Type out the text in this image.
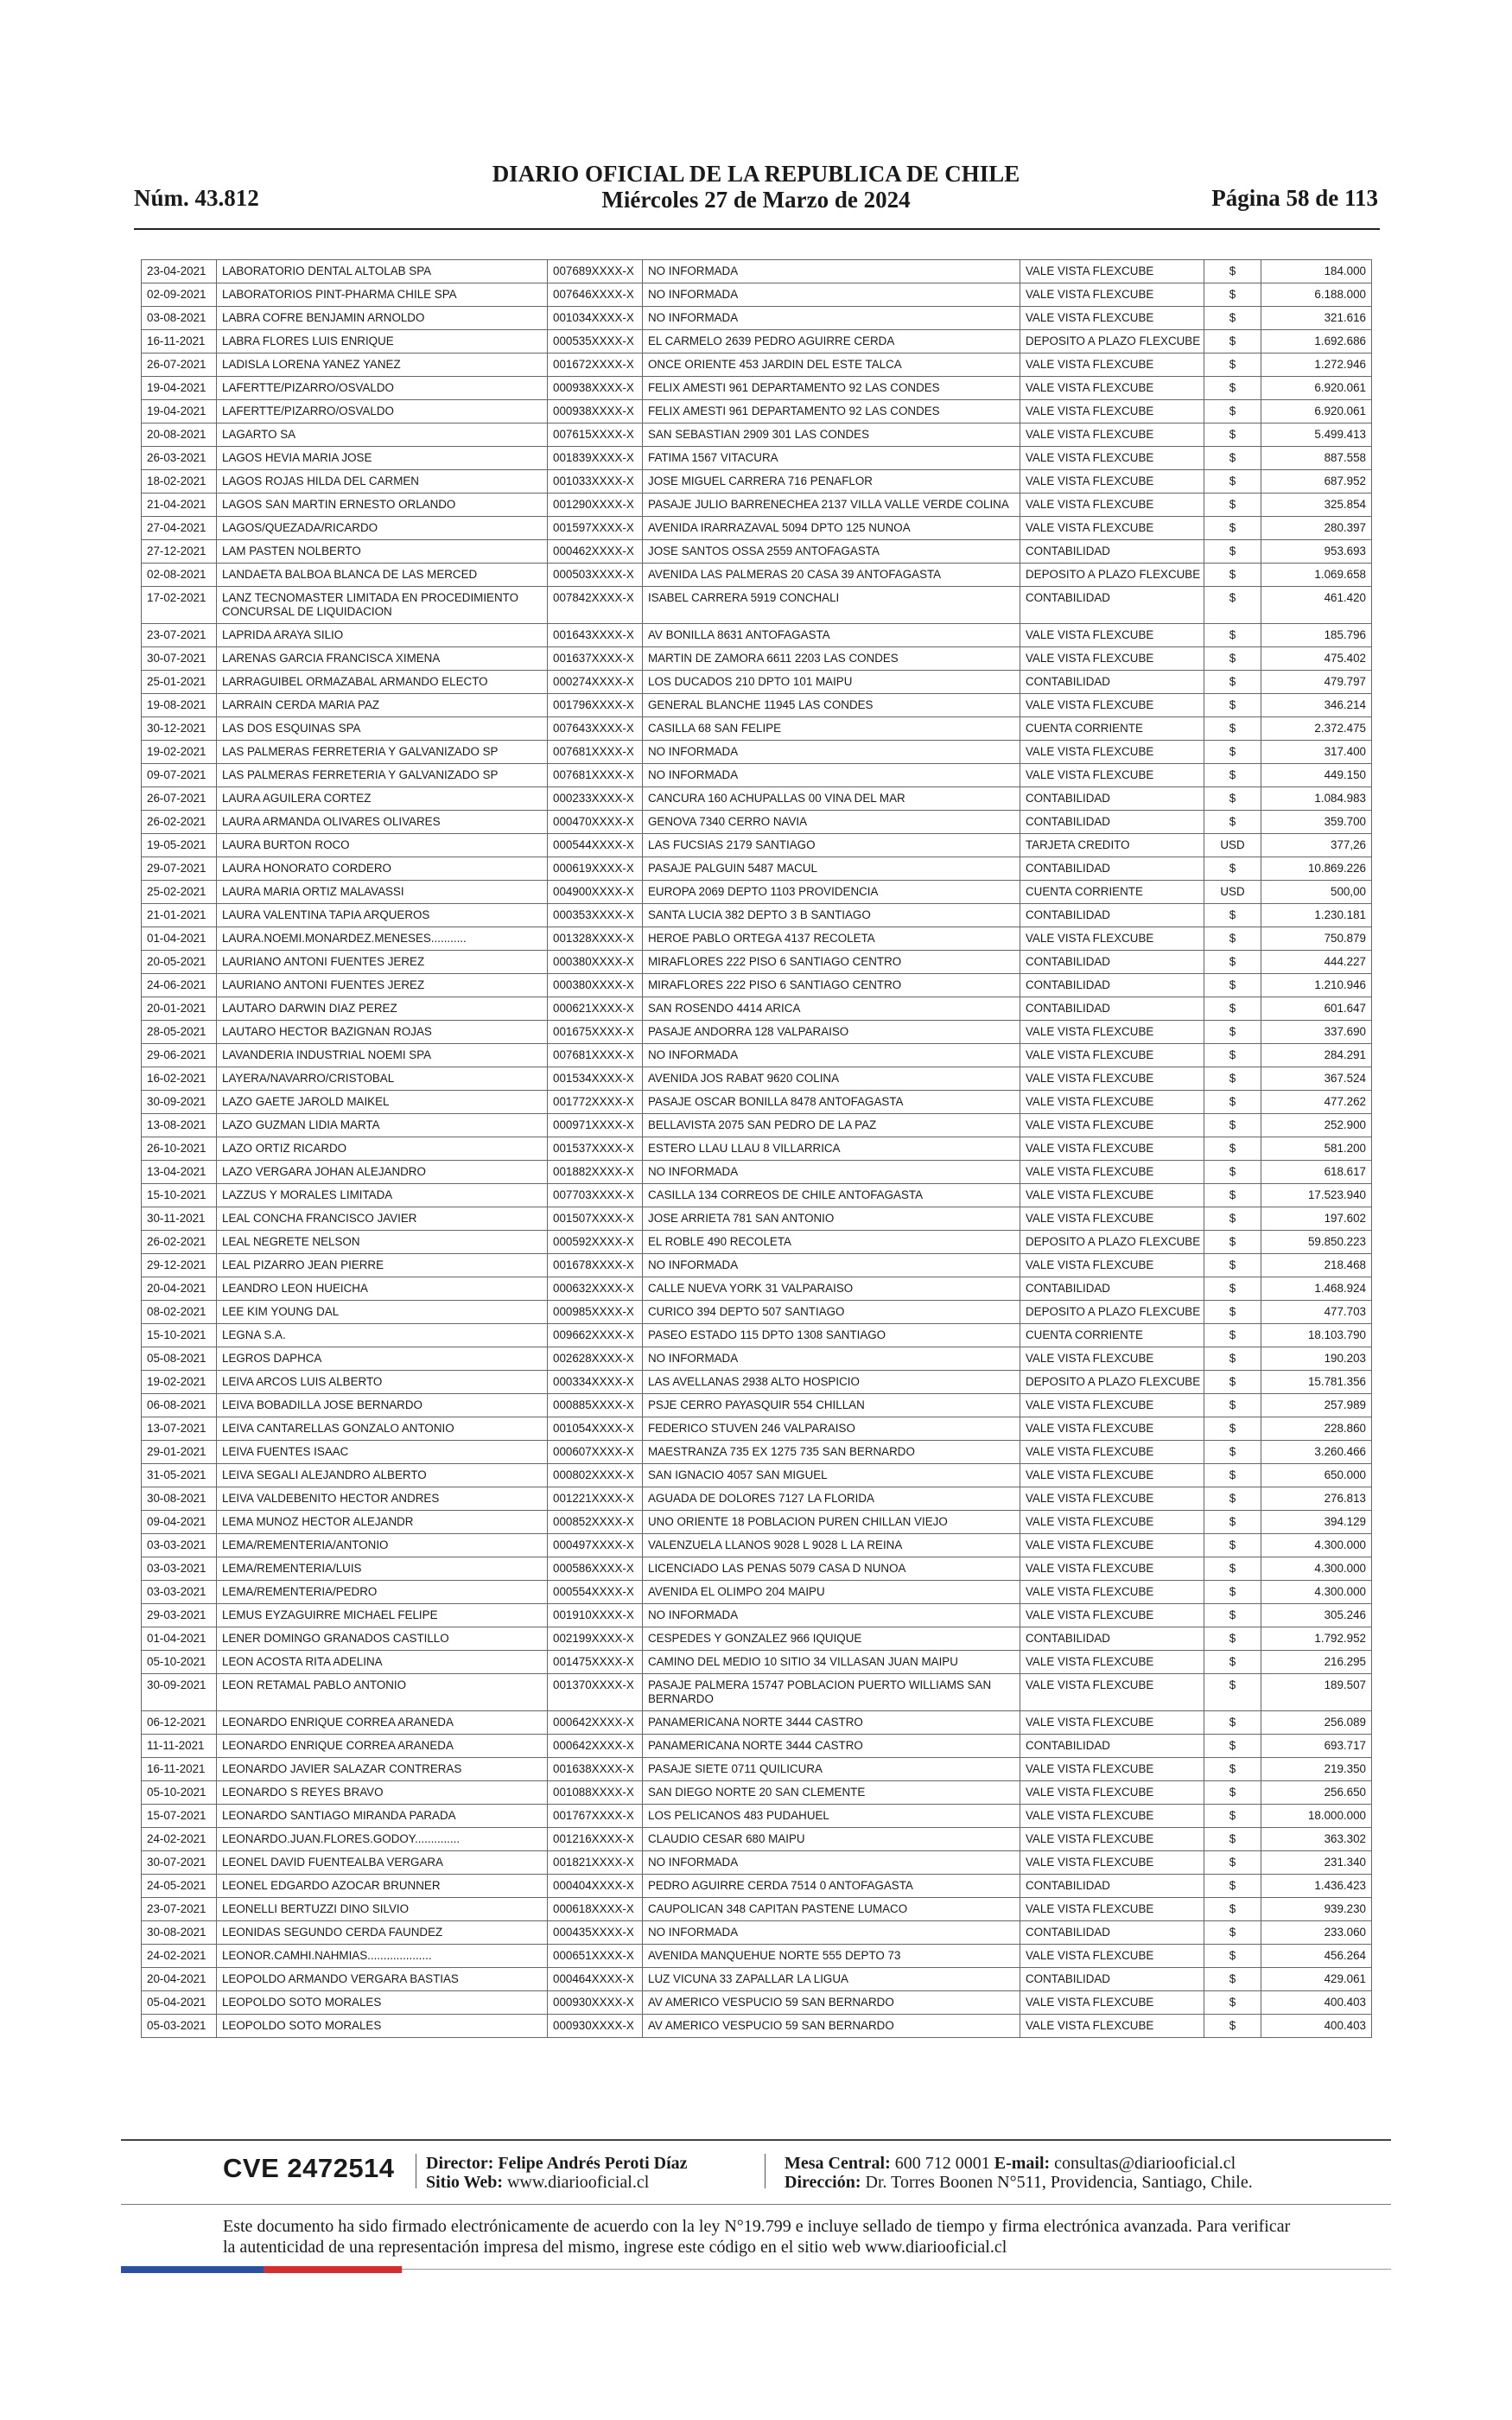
Núm. 43.812
DIARIO OFICIAL DE LA REPUBLICA DE CHILE
Miércoles 27 de Marzo de 2024	Página 58 de 113
23-04-2021	LABORATORIO DENTAL ALTOLAB SPA	007689XXXX-X	NO INFORMADA	VALE VISTA FLEXCUBE	$	184.000
02-09-2021	LABORATORIOS PINT-PHARMA CHILE SPA	007646XXXX-X	NO INFORMADA	VALE VISTA FLEXCUBE	$	6.188.000
03-08-2021	LABRA COFRE BENJAMIN ARNOLDO	001034XXXX-X	NO INFORMADA	VALE VISTA FLEXCUBE	$	321.616
16-11-2021	LABRA FLORES LUIS ENRIQUE	000535XXXX-X	EL CARMELO 2639 PEDRO AGUIRRE CERDA	DEPOSITO A PLAZO FLEXCUBE	$	1.692.686
26-07-2021	LADISLA LORENA YANEZ YANEZ	001672XXXX-X	ONCE ORIENTE 453 JARDIN DEL ESTE TALCA	VALE VISTA FLEXCUBE	$	1.272.946
19-04-2021	LAFERTTE/PIZARRO/OSVALDO	000938XXXX-X	FELIX AMESTI 961 DEPARTAMENTO 92 LAS CONDES	VALE VISTA FLEXCUBE	$	6.920.061
19-04-2021	LAFERTTE/PIZARRO/OSVALDO	000938XXXX-X	FELIX AMESTI 961 DEPARTAMENTO 92 LAS CONDES	VALE VISTA FLEXCUBE	$	6.920.061
20-08-2021	LAGARTO SA	007615XXXX-X	SAN SEBASTIAN 2909 301 LAS CONDES	VALE VISTA FLEXCUBE	$	5.499.413
26-03-2021	LAGOS HEVIA MARIA JOSE	001839XXXX-X	FATIMA 1567 VITACURA	VALE VISTA FLEXCUBE	$	887.558
18-02-2021	LAGOS ROJAS HILDA DEL CARMEN	001033XXXX-X	JOSE MIGUEL CARRERA 716 PENAFLOR	VALE VISTA FLEXCUBE	$	687.952
21-04-2021	LAGOS SAN MARTIN ERNESTO ORLANDO	001290XXXX-X	PASAJE JULIO BARRENECHEA 2137 VILLA VALLE VERDE COLINA	VALE VISTA FLEXCUBE	$	325.854
27-04-2021	LAGOS/QUEZADA/RICARDO	001597XXXX-X	AVENIDA IRARRAZAVAL 5094 DPTO 125 NUNOA	VALE VISTA FLEXCUBE	$	280.397
27-12-2021	LAM PASTEN NOLBERTO	000462XXXX-X	JOSE SANTOS OSSA 2559 ANTOFAGASTA	CONTABILIDAD	$	953.693
02-08-2021	LANDAETA BALBOA BLANCA DE LAS MERCED	000503XXXX-X	AVENIDA LAS PALMERAS 20 CASA 39 ANTOFAGASTA	DEPOSITO A PLAZO FLEXCUBE	$	1.069.658
17-02-2021	LANZ TECNOMASTER LIMITADA EN PROCEDIMIENTO CONCURSAL DE LIQUIDACION	007842XXXX-X	ISABEL CARRERA 5919 CONCHALI	CONTABILIDAD	$	461.420
23-07-2021	LAPRIDA ARAYA SILIO	001643XXXX-X	AV BONILLA 8631 ANTOFAGASTA	VALE VISTA FLEXCUBE	$	185.796
30-07-2021	LARENAS GARCIA FRANCISCA XIMENA	001637XXXX-X	MARTIN DE ZAMORA 6611 2203 LAS CONDES	VALE VISTA FLEXCUBE	$	475.402
25-01-2021	LARRAGUIBEL ORMAZABAL ARMANDO ELECTO	000274XXXX-X	LOS DUCADOS 210 DPTO 101 MAIPU	CONTABILIDAD	$	479.797
19-08-2021	LARRAIN CERDA MARIA PAZ	001796XXXX-X	GENERAL BLANCHE 11945 LAS CONDES	VALE VISTA FLEXCUBE	$	346.214
30-12-2021	LAS DOS ESQUINAS SPA	007643XXXX-X	CASILLA 68 SAN FELIPE	CUENTA CORRIENTE	$	2.372.475
19-02-2021	LAS PALMERAS FERRETERIA Y GALVANIZADO SP	007681XXXX-X	NO INFORMADA	VALE VISTA FLEXCUBE	$	317.400
09-07-2021	LAS PALMERAS FERRETERIA Y GALVANIZADO SP	007681XXXX-X	NO INFORMADA	VALE VISTA FLEXCUBE	$	449.150
26-07-2021	LAURA AGUILERA CORTEZ	000233XXXX-X	CANCURA 160 ACHUPALLAS 00 VINA DEL MAR	CONTABILIDAD	$	1.084.983
26-02-2021	LAURA ARMANDA OLIVARES OLIVARES	000470XXXX-X	GENOVA 7340 CERRO NAVIA	CONTABILIDAD	$	359.700
19-05-2021	LAURA BURTON ROCO	000544XXXX-X	LAS FUCSIAS 2179 SANTIAGO	TARJETA CREDITO	USD	377,26
29-07-2021	LAURA HONORATO CORDERO	000619XXXX-X	PASAJE PALGUIN 5487 MACUL	CONTABILIDAD	$	10.869.226
25-02-2021	LAURA MARIA ORTIZ MALAVASSI	004900XXXX-X	EUROPA 2069 DEPTO 1103 PROVIDENCIA	CUENTA CORRIENTE	USD	500,00
21-01-2021	LAURA VALENTINA TAPIA ARQUEROS	000353XXXX-X	SANTA LUCIA 382 DEPTO 3 B SANTIAGO	CONTABILIDAD	$	1.230.181
01-04-2021	LAURA.NOEMI.MONARDEZ.MENESES...........	001328XXXX-X	HEROE PABLO ORTEGA 4137 RECOLETA	VALE VISTA FLEXCUBE	$	750.879
20-05-2021	LAURIANO ANTONI FUENTES JEREZ	000380XXXX-X	MIRAFLORES 222 PISO 6 SANTIAGO CENTRO	CONTABILIDAD	$	444.227
24-06-2021	LAURIANO ANTONI FUENTES JEREZ	000380XXXX-X	MIRAFLORES 222 PISO 6 SANTIAGO CENTRO	CONTABILIDAD	$	1.210.946
20-01-2021	LAUTARO DARWIN DIAZ PEREZ	000621XXXX-X	SAN ROSENDO 4414 ARICA	CONTABILIDAD	$	601.647
28-05-2021	LAUTARO HECTOR BAZIGNAN ROJAS	001675XXXX-X	PASAJE ANDORRA 128 VALPARAISO	VALE VISTA FLEXCUBE	$	337.690
29-06-2021	LAVANDERIA INDUSTRIAL NOEMI SPA	007681XXXX-X	NO INFORMADA	VALE VISTA FLEXCUBE	$	284.291
16-02-2021	LAYERA/NAVARRO/CRISTOBAL	001534XXXX-X	AVENIDA JOS RABAT 9620 COLINA	VALE VISTA FLEXCUBE	$	367.524
30-09-2021	LAZO GAETE JAROLD MAIKEL	001772XXXX-X	PASAJE OSCAR BONILLA 8478 ANTOFAGASTA	VALE VISTA FLEXCUBE	$	477.262
13-08-2021	LAZO GUZMAN LIDIA MARTA	000971XXXX-X	BELLAVISTA 2075 SAN PEDRO DE LA PAZ	VALE VISTA FLEXCUBE	$	252.900
26-10-2021	LAZO ORTIZ RICARDO	001537XXXX-X	ESTERO LLAU LLAU 8 VILLARRICA	VALE VISTA FLEXCUBE	$	581.200
13-04-2021	LAZO VERGARA JOHAN ALEJANDRO	001882XXXX-X	NO INFORMADA	VALE VISTA FLEXCUBE	$	618.617
15-10-2021	LAZZUS Y MORALES LIMITADA	007703XXXX-X	CASILLA 134 CORREOS DE CHILE ANTOFAGASTA	VALE VISTA FLEXCUBE	$	17.523.940
30-11-2021	LEAL CONCHA FRANCISCO JAVIER	001507XXXX-X	JOSE ARRIETA 781 SAN ANTONIO	VALE VISTA FLEXCUBE	$	197.602
26-02-2021	LEAL NEGRETE NELSON	000592XXXX-X	EL ROBLE 490 RECOLETA	DEPOSITO A PLAZO FLEXCUBE	$	59.850.223
29-12-2021	LEAL PIZARRO JEAN PIERRE	001678XXXX-X	NO INFORMADA	VALE VISTA FLEXCUBE	$	218.468
20-04-2021	LEANDRO LEON HUEICHA	000632XXXX-X	CALLE NUEVA YORK 31 VALPARAISO	CONTABILIDAD	$	1.468.924
08-02-2021	LEE KIM YOUNG DAL	000985XXXX-X	CURICO 394 DEPTO 507 SANTIAGO	DEPOSITO A PLAZO FLEXCUBE	$	477.703
15-10-2021	LEGNA S.A.	009662XXXX-X	PASEO ESTADO 115 DPTO 1308 SANTIAGO	CUENTA CORRIENTE	$	18.103.790
05-08-2021	LEGROS DAPHCA	002628XXXX-X	NO INFORMADA	VALE VISTA FLEXCUBE	$	190.203
19-02-2021	LEIVA ARCOS LUIS ALBERTO	000334XXXX-X	LAS AVELLANAS 2938 ALTO HOSPICIO	DEPOSITO A PLAZO FLEXCUBE	$	15.781.356
06-08-2021	LEIVA BOBADILLA JOSE BERNARDO	000885XXXX-X	PSJE CERRO PAYASQUIR 554 CHILLAN	VALE VISTA FLEXCUBE	$	257.989
13-07-2021	LEIVA CANTARELLAS GONZALO ANTONIO	001054XXXX-X	FEDERICO STUVEN 246 VALPARAISO	VALE VISTA FLEXCUBE	$	228.860
29-01-2021	LEIVA FUENTES ISAAC	000607XXXX-X	MAESTRANZA 735 EX 1275 735 SAN BERNARDO	VALE VISTA FLEXCUBE	$	3.260.466
31-05-2021	LEIVA SEGALI ALEJANDRO ALBERTO	000802XXXX-X	SAN IGNACIO 4057 SAN MIGUEL	VALE VISTA FLEXCUBE	$	650.000
30-08-2021	LEIVA VALDEBENITO HECTOR ANDRES	001221XXXX-X	AGUADA DE DOLORES 7127 LA FLORIDA	VALE VISTA FLEXCUBE	$	276.813
09-04-2021	LEMA MUNOZ HECTOR ALEJANDR	000852XXXX-X	UNO ORIENTE 18 POBLACION PUREN CHILLAN VIEJO	VALE VISTA FLEXCUBE	$	394.129
03-03-2021	LEMA/REMENTERIA/ANTONIO	000497XXXX-X	VALENZUELA LLANOS 9028 L 9028 L LA REINA	VALE VISTA FLEXCUBE	$	4.300.000
03-03-2021	LEMA/REMENTERIA/LUIS	000586XXXX-X	LICENCIADO LAS PENAS 5079 CASA D NUNOA	VALE VISTA FLEXCUBE	$	4.300.000
03-03-2021	LEMA/REMENTERIA/PEDRO	000554XXXX-X	AVENIDA EL OLIMPO 204 MAIPU	VALE VISTA FLEXCUBE	$	4.300.000
29-03-2021	LEMUS EYZAGUIRRE MICHAEL FELIPE	001910XXXX-X	NO INFORMADA	VALE VISTA FLEXCUBE	$	305.246
01-04-2021	LENER DOMINGO GRANADOS CASTILLO	002199XXXX-X	CESPEDES Y GONZALEZ 966 IQUIQUE	CONTABILIDAD	$	1.792.952
05-10-2021	LEON ACOSTA RITA ADELINA	001475XXXX-X	CAMINO DEL MEDIO 10 SITIO 34 VILLASAN JUAN MAIPU	VALE VISTA FLEXCUBE	$	216.295
30-09-2021	LEON RETAMAL PABLO ANTONIO	001370XXXX-X	PASAJE PALMERA 15747 POBLACION PUERTO WILLIAMS SAN BERNARDO	VALE VISTA FLEXCUBE	$	189.507
06-12-2021	LEONARDO ENRIQUE CORREA ARANEDA	000642XXXX-X	PANAMERICANA NORTE 3444 CASTRO	VALE VISTA FLEXCUBE	$	256.089
11-11-2021	LEONARDO ENRIQUE CORREA ARANEDA	000642XXXX-X	PANAMERICANA NORTE 3444 CASTRO	CONTABILIDAD	$	693.717
16-11-2021	LEONARDO JAVIER SALAZAR CONTRERAS	001638XXXX-X	PASAJE SIETE 0711 QUILICURA	VALE VISTA FLEXCUBE	$	219.350
05-10-2021	LEONARDO S REYES BRAVO	001088XXXX-X	SAN DIEGO NORTE 20 SAN CLEMENTE	VALE VISTA FLEXCUBE	$	256.650
15-07-2021	LEONARDO SANTIAGO MIRANDA PARADA	001767XXXX-X	LOS PELICANOS 483 PUDAHUEL	VALE VISTA FLEXCUBE	$	18.000.000
24-02-2021	LEONARDO.JUAN.FLORES.GODOY..............	001216XXXX-X	CLAUDIO CESAR 680 MAIPU	VALE VISTA FLEXCUBE	$	363.302
30-07-2021	LEONEL DAVID FUENTEALBA VERGARA	001821XXXX-X	NO INFORMADA	VALE VISTA FLEXCUBE	$	231.340
24-05-2021	LEONEL EDGARDO AZOCAR BRUNNER	000404XXXX-X	PEDRO AGUIRRE CERDA 7514 0 ANTOFAGASTA	CONTABILIDAD	$	1.436.423
23-07-2021	LEONELLI BERTUZZI DINO SILVIO	000618XXXX-X	CAUPOLICAN 348 CAPITAN PASTENE LUMACO	VALE VISTA FLEXCUBE	$	939.230
30-08-2021	LEONIDAS SEGUNDO CERDA FAUNDEZ	000435XXXX-X	NO INFORMADA	CONTABILIDAD	$	233.060
24-02-2021	LEONOR.CAMHI.NAHMIAS....................	000651XXXX-X	AVENIDA MANQUEHUE NORTE 555 DEPTO 73	VALE VISTA FLEXCUBE	$	456.264
20-04-2021	LEOPOLDO ARMANDO VERGARA BASTIAS	000464XXXX-X	LUZ VICUNA 33 ZAPALLAR LA LIGUA	CONTABILIDAD	$	429.061
05-04-2021	LEOPOLDO SOTO MORALES	000930XXXX-X	AV AMERICO VESPUCIO 59 SAN BERNARDO	VALE VISTA FLEXCUBE	$	400.403
05-03-2021	LEOPOLDO SOTO MORALES	000930XXXX-X	AV AMERICO VESPUCIO 59 SAN BERNARDO	VALE VISTA FLEXCUBE	$	400.403
CVE 2472514 Director: Felipe Andrés Peroti Díaz
Sitio Web: www.diariooficial.cl
Mesa Central: 600 712 0001 E-mail: consultas@diariooficial.cl
Dirección: Dr. Torres Boonen N°511, Providencia, Santiago, Chile.
Este documento ha sido firmado electrónicamente de acuerdo con la ley N°19.799 e incluye sellado de tiempo y firma electrónica avanzada. Para verificar la autenticidad de una representación impresa del mismo, ingrese este código en el sitio web www.diariooficial.cl
